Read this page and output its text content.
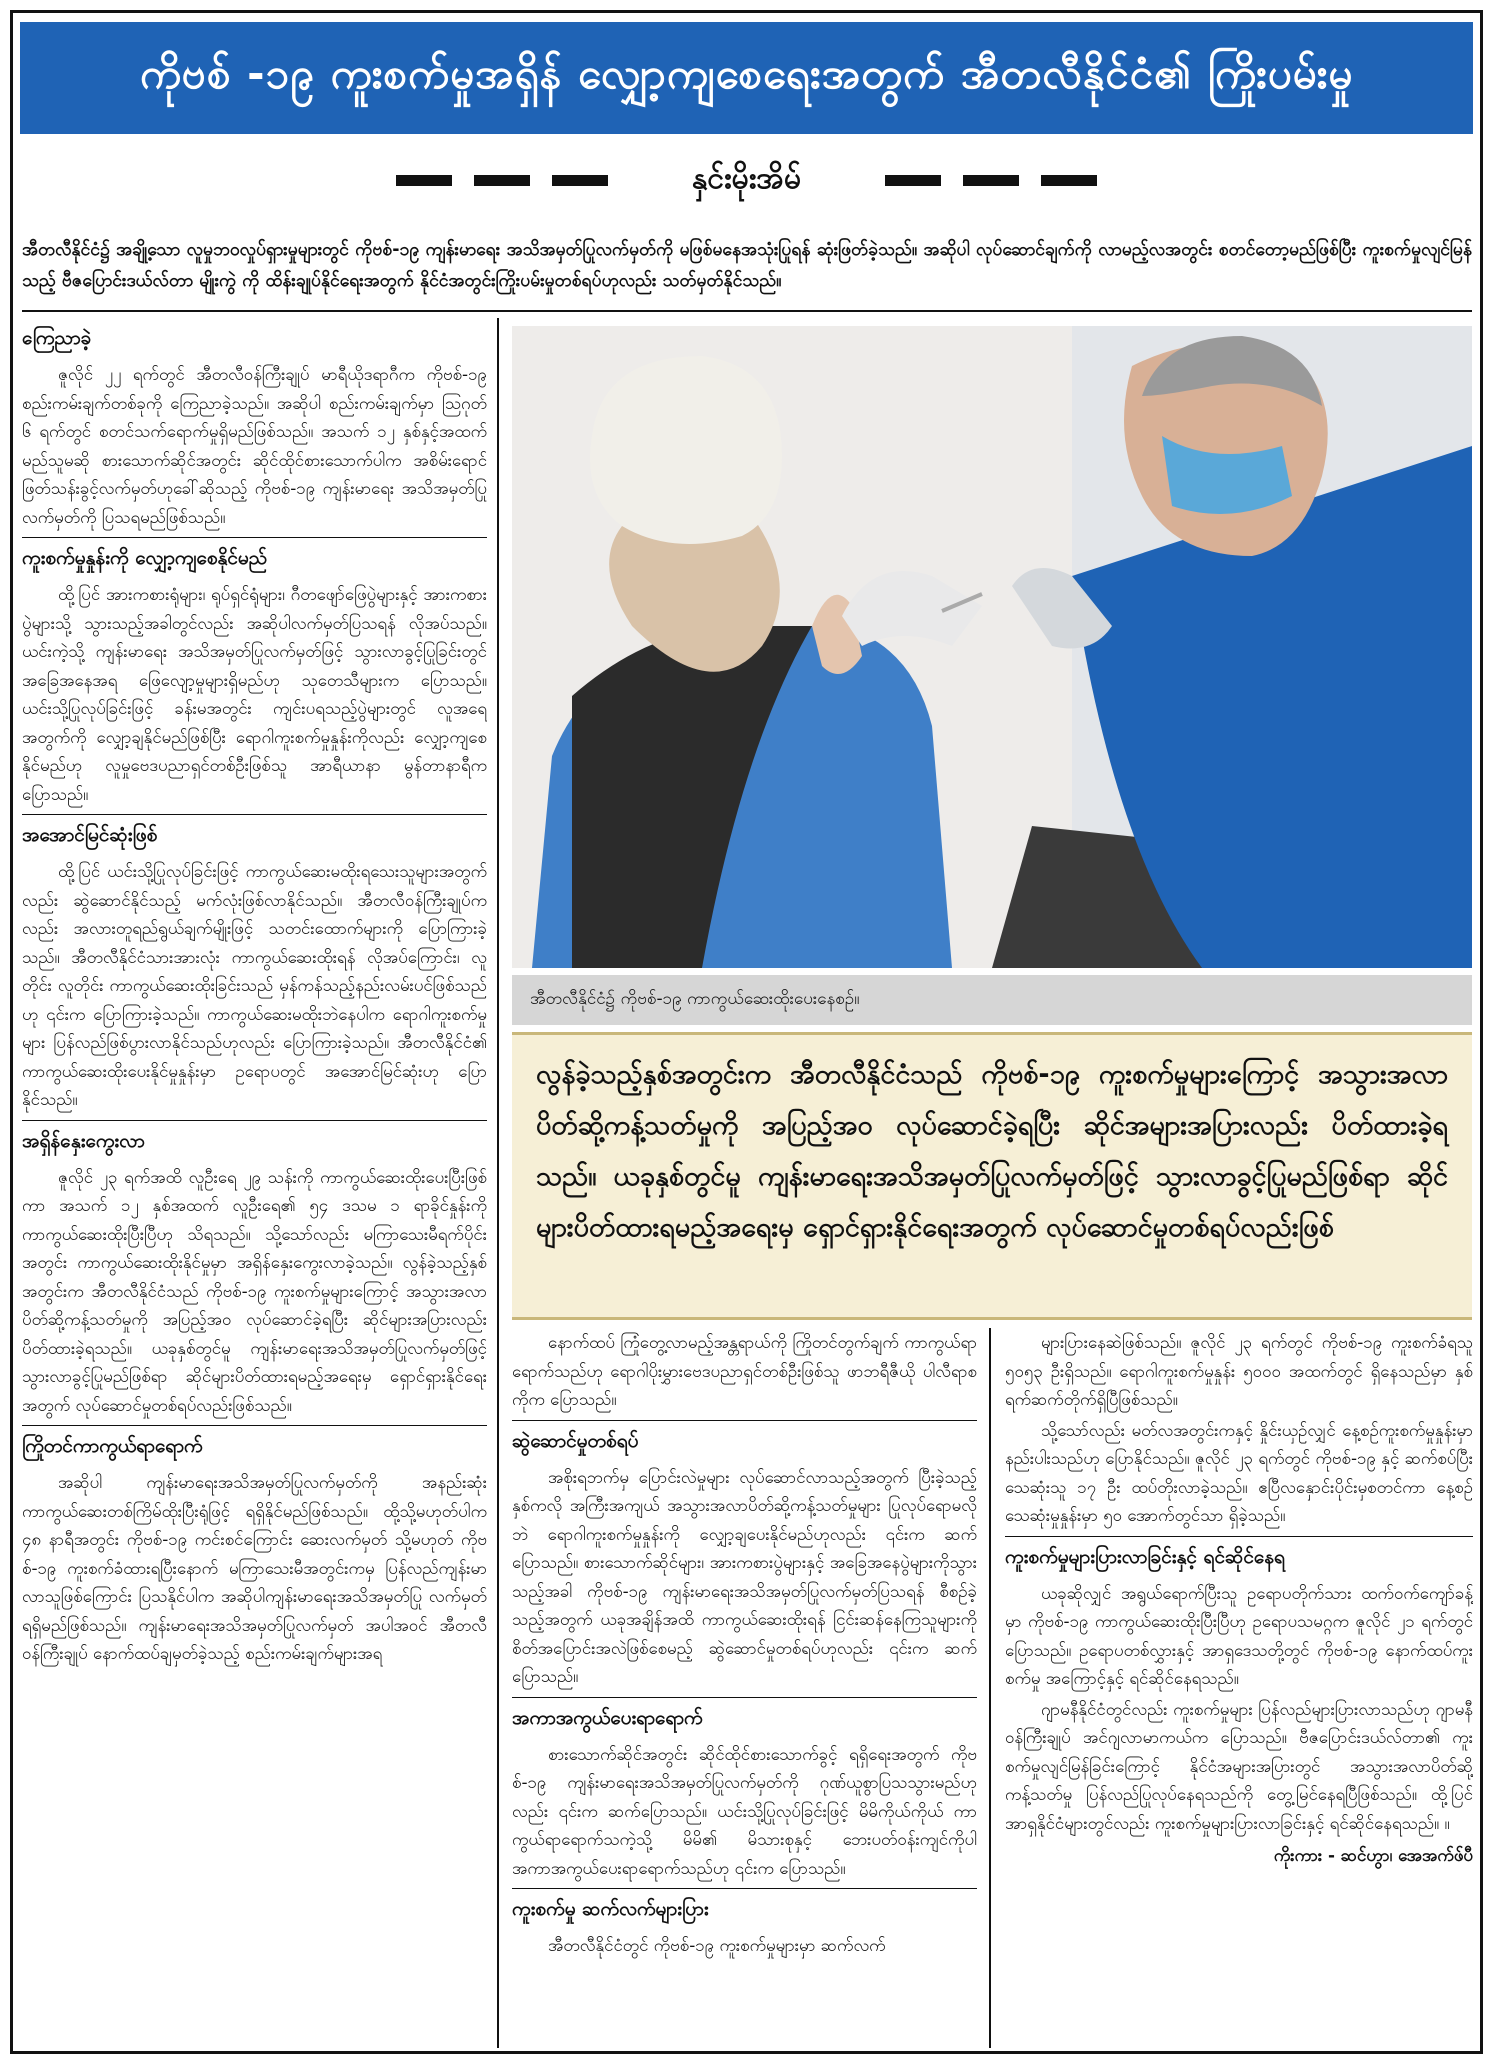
ကိုဗစ် -၁၉ ကူးစက်မှုအရှိန် လျှော့ကျစေရေးအတွက် အီတလီနိုင်ငံ၏ ကြိုးပမ်းမှု
နှင်းမိုးအိမ်
အီတလီနိုင်ငံ၌ အချို့သော လူမှုဘဝလှုပ်ရှားမှုများတွင် ကိုဗစ်-၁၉ ကျန်းမာရေး အသိအမှတ်ပြုလက်မှတ်ကို မဖြစ်မနေအသုံးပြုရန် ဆုံးဖြတ်ခဲ့သည်။ အဆိုပါ လုပ်ဆောင်ချက်ကို လာမည့်လအတွင်း စတင်တော့မည်ဖြစ်ပြီး ကူးစက်မှုလျင်မြန်သည့် ဗီဇပြောင်းဒယ်လ်တာ မျိုးကွဲ ကို ထိန်းချုပ်နိုင်ရေးအတွက် နိုင်ငံအတွင်းကြိုးပမ်းမှုတစ်ရပ်ဟုလည်း သတ်မှတ်နိုင်သည်။
ကြေညာခဲ့

ဇူလိုင် ၂၂ ရက်တွင် အီတလီဝန်ကြီးချုပ် မာရီယိုဒရာဂီက ကိုဗစ်-၁၉ စည်းကမ်းချက်တစ်ခုကို ကြေညာခဲ့သည်။ အဆိုပါ စည်းကမ်းချက်မှာ ဩဂုတ် ၆ ရက်တွင် စတင်သက်ရောက်မှုရှိမည်ဖြစ်သည်။ အသက် ၁၂ နှစ်နှင့်အထက် မည်သူမဆို စားသောက်ဆိုင်အတွင်း ဆိုင်ထိုင်စားသောက်ပါက အစိမ်းရောင်ဖြတ်သန်းခွင့်လက်မှတ်ဟုခေါ်ဆိုသည့် ကိုဗစ်-၁၉ ကျန်းမာရေး အသိအမှတ်ပြုလက်မှတ်ကို ပြသရမည်ဖြစ်သည်။

ကူးစက်မှုနှုန်းကို လျှော့ကျစေနိုင်မည်

ထို့ပြင် အားကစားရုံများ၊ ရုပ်ရှင်ရုံများ၊ ဂီတဖျော်ဖြေပွဲများနှင့် အားကစားပွဲများသို့ သွားသည့်အခါတွင်လည်း အဆိုပါလက်မှတ်ပြသရန် လိုအပ်သည်။ ယင်းကဲ့သို့ ကျန်းမာရေး အသိအမှတ်ပြုလက်မှတ်ဖြင့် သွားလာခွင့်ပြုခြင်းတွင် အခြေအနေအရ ဖြေလျော့မှုများရှိမည်ဟု သုတေသီများက ပြောသည်။ ယင်းသို့ပြုလုပ်ခြင်းဖြင့် ခန်းမအတွင်း ကျင်းပရသည့်ပွဲများတွင် လူအရေအတွက်ကို လျှော့ချနိုင်မည်ဖြစ်ပြီး ရောဂါကူးစက်မှုနှုန်းကိုလည်း လျှော့ကျစေနိုင်မည်ဟု လူမှုဗေဒပညာရှင်တစ်ဦးဖြစ်သူ အာရီယာနာ မွန်တာနာရီက ပြောသည်။

အအောင်မြင်ဆုံးဖြစ်

ထို့ပြင် ယင်းသို့ပြုလုပ်ခြင်းဖြင့် ကာကွယ်ဆေးမထိုးရသေးသူများအတွက်လည်း ဆွဲဆောင်နိုင်သည့် မက်လုံးဖြစ်လာနိုင်သည်။ အီတလီဝန်ကြီးချုပ်ကလည်း အလားတူရည်ရွယ်ချက်မျိုးဖြင့် သတင်းထောက်များကို ပြောကြားခဲ့သည်။ အီတလီနိုင်ငံသားအားလုံး ကာကွယ်ဆေးထိုးရန် လိုအပ်ကြောင်း၊ လူတိုင်း လူတိုင်း ကာကွယ်ဆေးထိုးခြင်းသည် မှန်ကန်သည့်နည်းလမ်းပင်ဖြစ်သည်ဟု ၎င်းက ပြောကြားခဲ့သည်။ ကာကွယ်ဆေးမထိုးဘဲနေပါက ရောဂါကူးစက်မှုများ ပြန်လည်ဖြစ်ပွားလာနိုင်သည်ဟုလည်း ပြောကြားခဲ့သည်။ အီတလီနိုင်ငံ၏ ကာကွယ်ဆေးထိုးပေးနိုင်မှုနှုန်းမှာ ဥရောပတွင် အအောင်မြင်ဆုံးဟု ပြောနိုင်သည်။

အရှိန်နှေးကွေးလာ

ဇူလိုင် ၂၃ ရက်အထိ လူဦးရေ ၂၉ သန်းကို ကာကွယ်ဆေးထိုးပေးပြီးဖြစ်ကာ အသက် ၁၂ နှစ်အထက် လူဦးရေ၏ ၅၄ ဒသမ ၁ ရာခိုင်နှုန်းကို ကာကွယ်ဆေးထိုးပြီးပြီဟု သိရသည်။ သို့သော်လည်း မကြာသေးမီရက်ပိုင်းအတွင်း ကာကွယ်ဆေးထိုးနိုင်မှုမှာ အရှိန်နှေးကွေးလာခဲ့သည်။ လွန်ခဲ့သည့်နှစ်အတွင်းက အီတလီနိုင်ငံသည် ကိုဗစ်-၁၉ ကူးစက်မှုများကြောင့် အသွားအလာပိတ်ဆို့ကန့်သတ်မှုကို အပြည့်အဝ လုပ်ဆောင်ခဲ့ရပြီး ဆိုင်များအပြားလည်း ပိတ်ထားခဲ့ရသည်။ ယခုနှစ်တွင်မူ ကျန်းမာရေးအသိအမှတ်ပြုလက်မှတ်ဖြင့် သွားလာခွင့်ပြုမည်ဖြစ်ရာ ဆိုင်များပိတ်ထားရမည့်အရေးမှ ရှောင်ရှားနိုင်ရေးအတွက် လုပ်ဆောင်မှုတစ်ရပ်လည်းဖြစ်သည်။

ကြိုတင်ကာကွယ်ရာရောက်

အဆိုပါ ကျန်းမာရေးအသိအမှတ်ပြုလက်မှတ်ကို အနည်းဆုံး ကာကွယ်ဆေးတစ်ကြိမ်ထိုးပြီးရုံဖြင့် ရရှိနိုင်မည်ဖြစ်သည်။ ထို့သို့မဟုတ်ပါက ၄၈ နာရီအတွင်း ကိုဗစ်-၁၉ ကင်းစင်ကြောင်း ဆေးလက်မှတ် သို့မဟုတ် ကိုဗစ်-၁၉ ကူးစက်ခံထားရပြီးနောက် မကြာသေးမီအတွင်းကမှ ပြန်လည်ကျန်းမာလာသူဖြစ်ကြောင်း ပြသနိုင်ပါက အဆိုပါကျန်းမာရေးအသိအမှတ်ပြု လက်မှတ်ရရှိမည်ဖြစ်သည်။ ကျန်းမာရေးအသိအမှတ်ပြုလက်မှတ် အပါအဝင် အီတလီဝန်ကြီးချုပ် နောက်ထပ်ချမှတ်ခဲ့သည့် စည်းကမ်းချက်များအရ

အီတလီနိုင်ငံ၌ ကိုဗစ်-၁၉ ကာကွယ်ဆေးထိုးပေးနေစဉ်။
လွန်ခဲ့သည့်နှစ်အတွင်းက အီတလီနိုင်ငံသည် ကိုဗစ်-၁၉ ကူးစက်မှုများကြောင့် အသွားအလာပိတ်ဆို့ကန့်သတ်မှုကို အပြည့်အဝ လုပ်ဆောင်ခဲ့ရပြီး ဆိုင်အများအပြားလည်း ပိတ်ထားခဲ့ရသည်။ ယခုနှစ်တွင်မူ ကျန်းမာရေးအသိအမှတ်ပြုလက်မှတ်ဖြင့် သွားလာခွင့်ပြုမည်ဖြစ်ရာ ဆိုင်များပိတ်ထားရမည့်အရေးမှ ရှောင်ရှားနိုင်ရေးအတွက် လုပ်ဆောင်မှုတစ်ရပ်လည်းဖြစ်

နောက်ထပ် ကြုံတွေ့လာမည့်အန္တရာယ်ကို ကြိုတင်တွက်ချက် ကာကွယ်ရာရောက်သည်ဟု ရောဂါပိုးမွှားဗေဒပညာရှင်တစ်ဦးဖြစ်သူ ဖာဘရီဇီယို ပါလီရာစကိုက ပြောသည်။

ဆွဲဆောင်မှုတစ်ရပ်

အစိုးရဘက်မှ ပြောင်းလဲမှုများ လုပ်ဆောင်လာသည့်အတွက် ပြီးခဲ့သည့်နှစ်ကလို အကြီးအကျယ် အသွားအလာပိတ်ဆို့ကန့်သတ်မှုများ ပြုလုပ်ရောမလိုဘဲ ရောဂါကူးစက်မှုနှုန်းကို လျှော့ချပေးနိုင်မည်ဟုလည်း ၎င်းက ဆက်ပြောသည်။ စားသောက်ဆိုင်များ၊ အားကစားပွဲများနှင့် အခြေအနေပွဲများကိုသွားသည့်အခါ ကိုဗစ်-၁၉ ကျန်းမာရေးအသိအမှတ်ပြုလက်မှတ်ပြသရန် စီစဉ်ခဲ့သည့်အတွက် ယခုအချိန်အထိ ကာကွယ်ဆေးထိုးရန် ငြင်းဆန်နေကြသူများကို စိတ်အပြောင်းအလဲဖြစ်စေမည့် ဆွဲဆောင်မှုတစ်ရပ်ဟုလည်း ၎င်းက ဆက်ပြောသည်။

အကာအကွယ်ပေးရာရောက်

စားသောက်ဆိုင်အတွင်း ဆိုင်ထိုင်စားသောက်ခွင့် ရရှိရေးအတွက် ကိုဗစ်-၁၉ ကျန်းမာရေးအသိအမှတ်ပြုလက်မှတ်ကို ဂုဏ်ယူစွာပြသသွားမည်ဟုလည်း ၎င်းက ဆက်ပြောသည်။ ယင်းသို့ပြုလုပ်ခြင်းဖြင့် မိမိကိုယ်ကိုယ် ကာကွယ်ရာရောက်သကဲ့သို့ မိမိ၏ မိသားစုနှင့် ဘေးပတ်ဝန်းကျင်ကိုပါ အကာအကွယ်ပေးရာရောက်သည်ဟု ၎င်းက ပြောသည်။

ကူးစက်မှု ဆက်လက်များပြား

အီတလီနိုင်ငံတွင် ကိုဗစ်-၁၉ ကူးစက်မှုများမှာ ဆက်လက်

များပြားနေဆဲဖြစ်သည်။ ဇူလိုင် ၂၃ ရက်တွင် ကိုဗစ်-၁၉ ကူးစက်ခံရသူ ၅၀၅၃ ဦးရှိသည်။ ရောဂါကူးစက်မှုနှုန်း ၅၀၀၀ အထက်တွင် ရှိနေသည်မှာ နှစ်ရက်ဆက်တိုက်ရှိပြီဖြစ်သည်။

သို့သော်လည်း မတ်လအတွင်းကနှင့် နှိုင်းယှဉ်လျှင် နေ့စဉ်ကူးစက်မှုနှုန်းမှာ နည်းပါးသည်ဟု ပြောနိုင်သည်။ ဇူလိုင် ၂၃ ရက်တွင် ကိုဗစ်-၁၉ နှင့် ဆက်စပ်ပြီးသေဆုံးသူ ၁၇ ဦး ထပ်တိုးလာခဲ့သည်။ ဧပြီလနှောင်းပိုင်းမှစတင်ကာ နေ့စဉ် သေဆုံးမှုနှုန်းမှာ ၅၀ အောက်တွင်သာ ရှိခဲ့သည်။

ကူးစက်မှုများပြားလာခြင်းနှင့် ရင်ဆိုင်နေရ

ယခုဆိုလျှင် အရွယ်ရောက်ပြီးသူ ဥရောပတိုက်သား ထက်ဝက်ကျော်ခန့်မှာ ကိုဗစ်-၁၉ ကာကွယ်ဆေးထိုးပြီးပြီဟု ဥရောပသမဂ္ဂက ဇူလိုင် ၂၁ ရက်တွင် ပြောသည်။ ဥရောပတစ်လွှားနှင့် အာရှဒေသတို့တွင် ကိုဗစ်-၁၉ နောက်ထပ်ကူးစက်မှု အကြောင့်နှင့် ရင်ဆိုင်နေရသည်။

ဂျာမနီနိုင်ငံတွင်လည်း ကူးစက်မှုများ ပြန်လည်များပြားလာသည်ဟု ဂျာမနီဝန်ကြီးချုပ် အင်ဂျလာမာကယ်က ပြောသည်။ ဗီဇပြောင်းဒယ်လ်တာ၏ ကူးစက်မှုလျင်မြန်ခြင်းကြောင့် နိုင်ငံအများအပြားတွင် အသွားအလာပိတ်ဆို့ကန့်သတ်မှု ပြန်လည်ပြုလုပ်နေရသည်ကို တွေ့မြင်နေရပြီဖြစ်သည်။ ထို့ပြင် အာရှနိုင်ငံများတွင်လည်း ကူးစက်မှုများပြားလာခြင်းနှင့် ရင်ဆိုင်နေရသည်။ ။

ကိုးကား - ဆင်ဟွာ၊ အေအက်ဖ်ပီ
